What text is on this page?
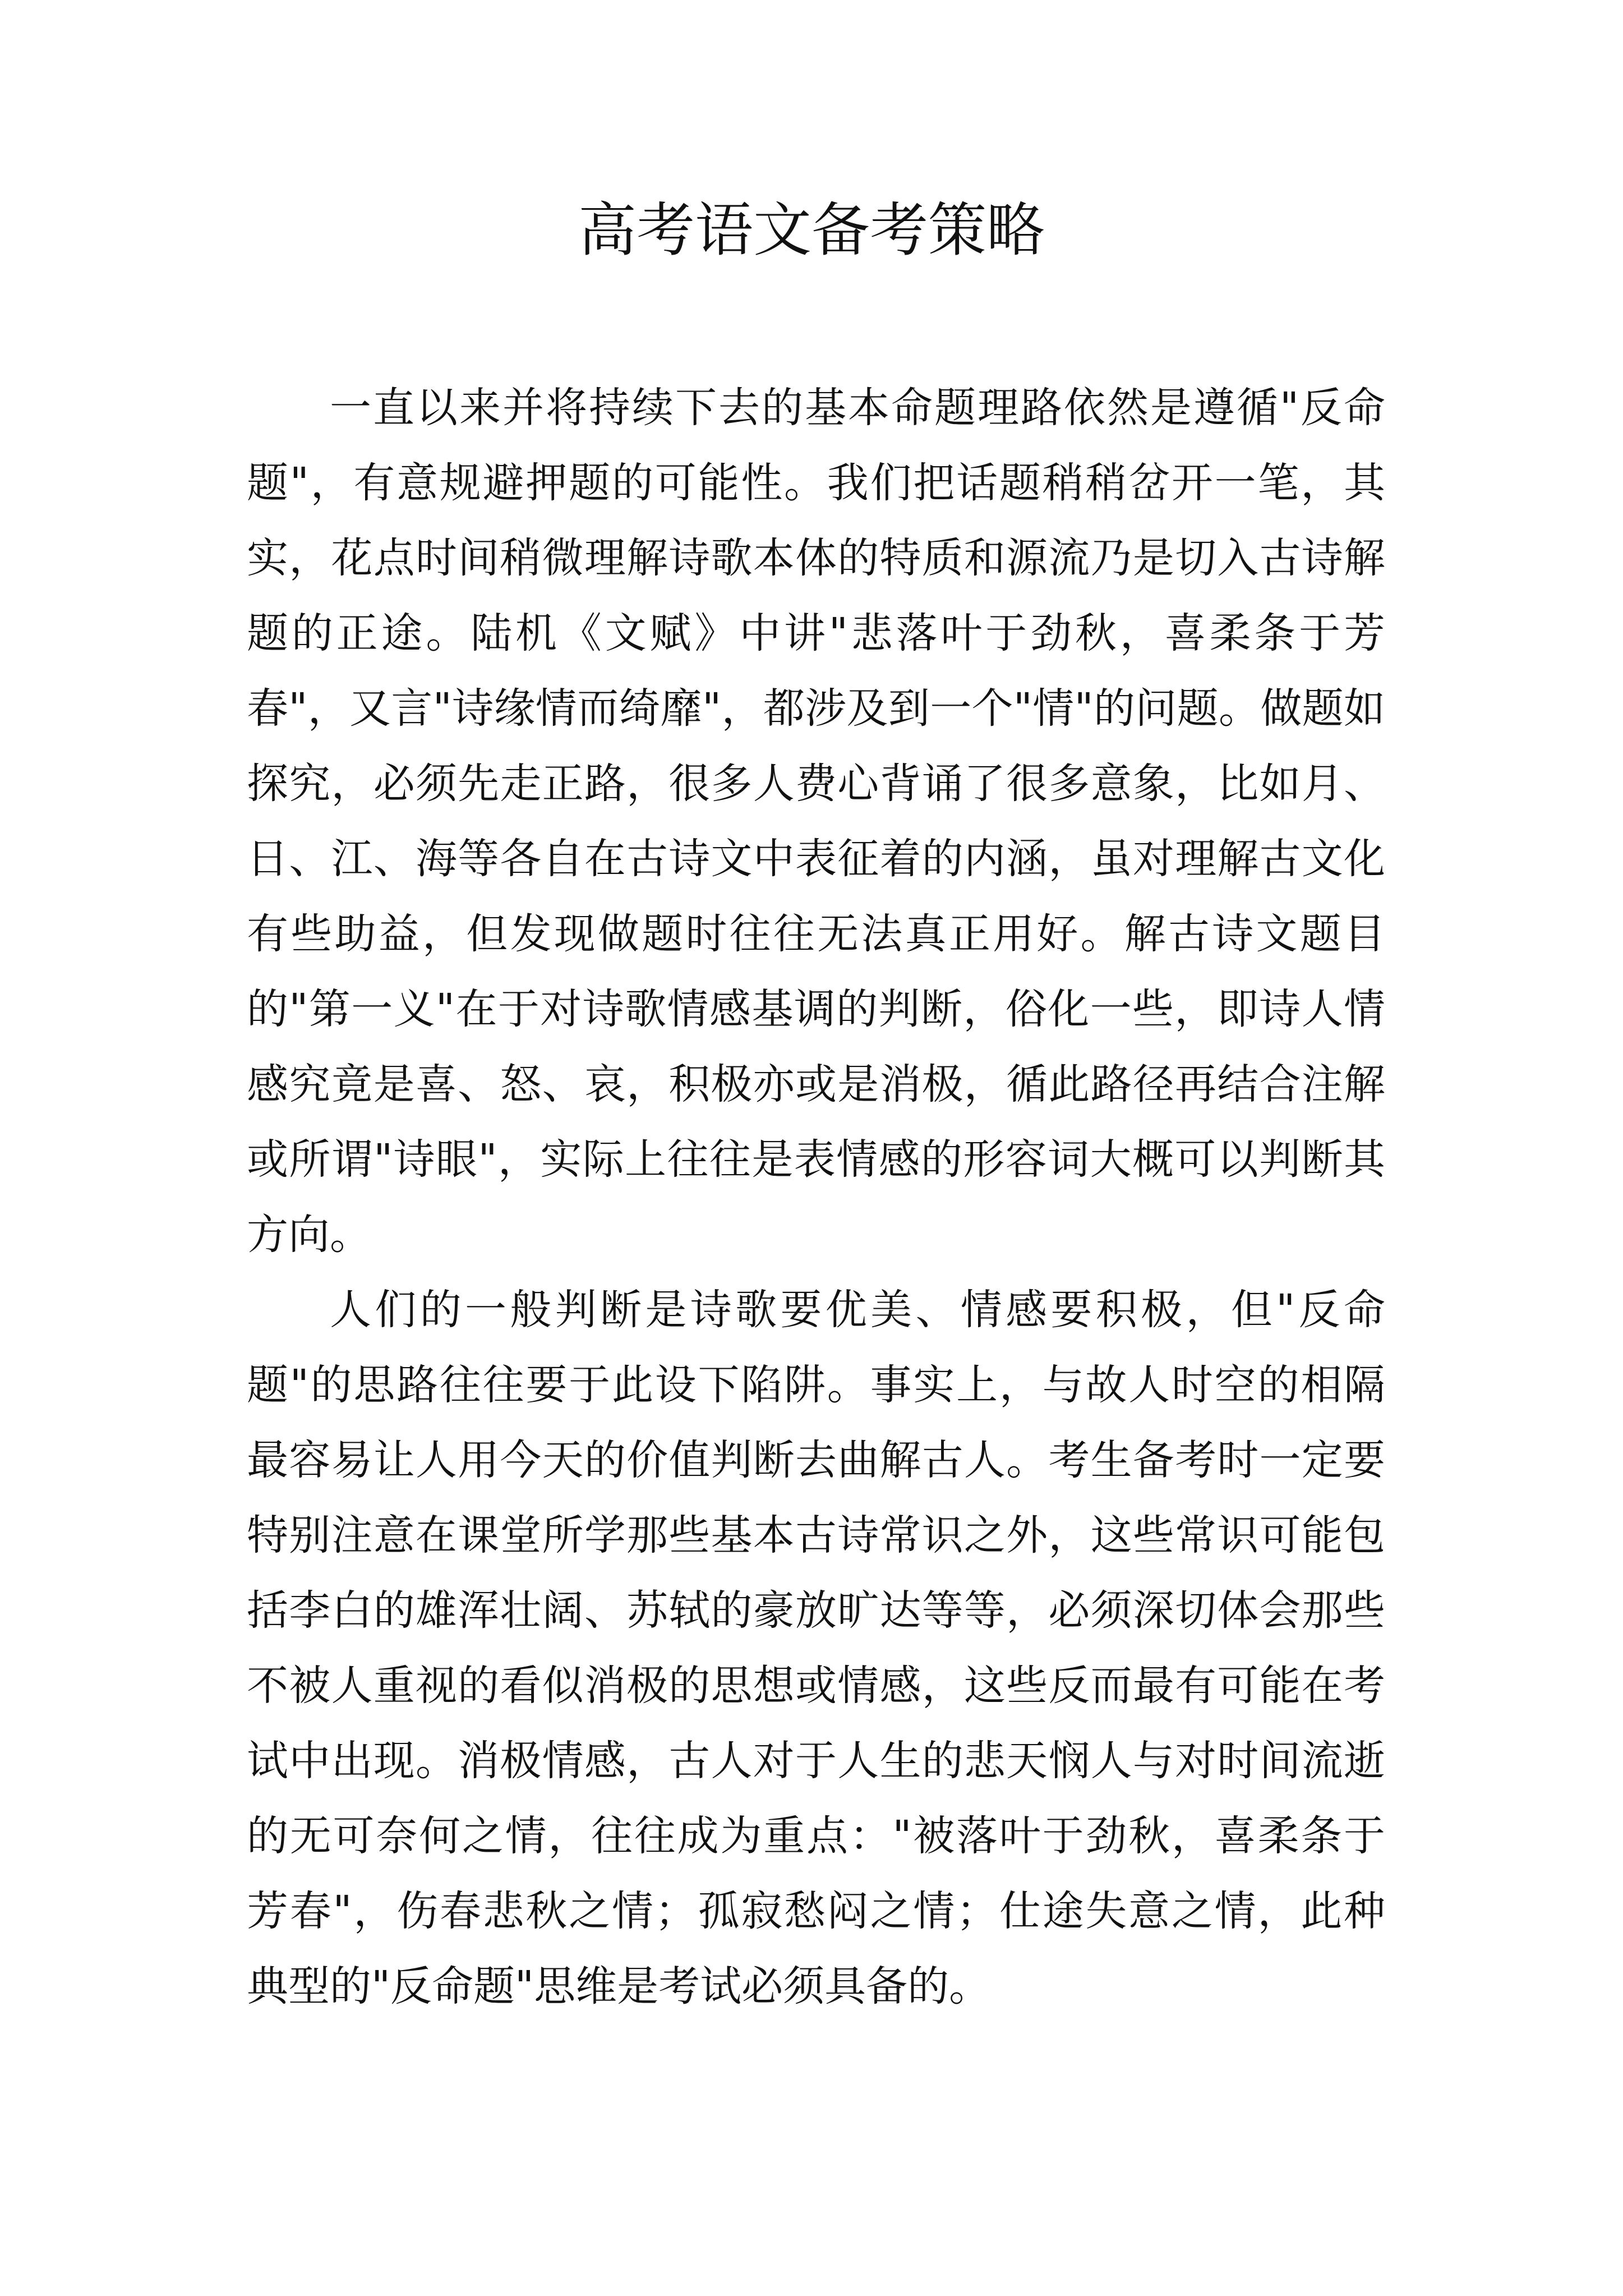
高考语文备考策略

一直以来并将持续下去的基本命题理路依然是遵循"反命题"，有意规避押题的可能性。我们把话题稍稍岔开一笔，其实，花点时间稍微理解诗歌本体的特质和源流乃是切入古诗解题的正途。陆机《文赋》中讲"悲落叶于劲秋，喜柔条于芳春"，又言"诗缘情而绮靡"，都涉及到一个"情"的问题。做题如探究，必须先走正路，很多人费心背诵了很多意象，比如月、日、江、海等各自在古诗文中表征着的内涵，虽对理解古文化有些助益，但发现做题时往往无法真正用好。解古诗文题目的"第一义"在于对诗歌情感基调的判断，俗化一些，即诗人情感究竟是喜、怒、哀，积极亦或是消极，循此路径再结合注解或所谓"诗眼"，实际上往往是表情感的形容词大概可以判断其方向。

人们的一般判断是诗歌要优美、情感要积极，但"反命题"的思路往往要于此设下陷阱。事实上，与故人时空的相隔最容易让人用今天的价值判断去曲解古人。考生备考时一定要特别注意在课堂所学那些基本古诗常识之外，这些常识可能包括李白的雄浑壮阔、苏轼的豪放旷达等等，必须深切体会那些不被人重视的看似消极的思想或情感，这些反而最有可能在考试中出现。消极情感，古人对于人生的悲天悯人与对时间流逝的无可奈何之情，往往成为重点："被落叶于劲秋，喜柔条于芳春"，伤春悲秋之情；孤寂愁闷之情；仕途失意之情，此种典型的"反命题"思维是考试必须具备的。
